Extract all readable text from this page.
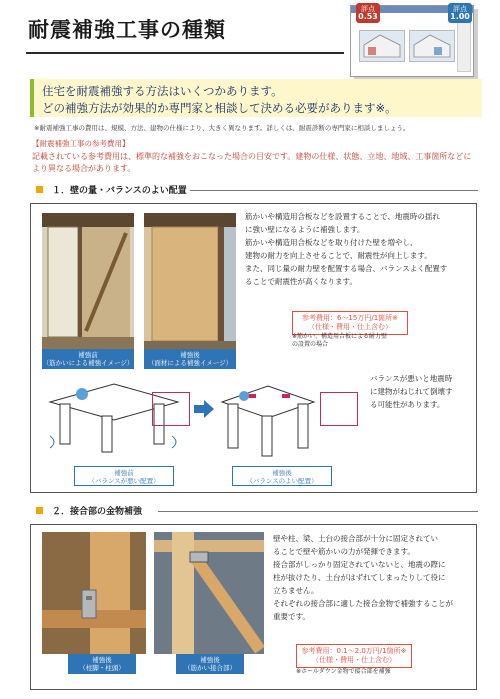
耐震補強工事の種類
評点
0.53
評点
1.00
住宅を耐震補強する方法はいくつかあります。
どの補強方法が効果的か専門家と相談して決める必要があります※。
※耐震補強工事の費用は、規模、方法、建物の仕様により、大きく異なります。詳しくは、耐震診断の専門家に相談しましょう。
【耐震補強工事の参考費用】
記載されている参考費用は、標準的な補強をおこなった場合の目安です。建物の仕様、状態、立地、地域、工事箇所などにより異なる場合があります。
１．壁の量・バランスのよい配置
補強前
（筋かいによる補強イメージ）
補強後
（面材による補強イメージ）
筋かいや構造用合板などを設置することで、地震時の揺れ
に強い壁になるように補強します。
筋かいや構造用合板などを取り付けた壁を増やし、
建物の耐力を向上させることで、耐震性が向上します。
また、同じ量の耐力壁を配置する場合、バランスよく配置す
ることで耐震性が高くなります。
参考費用：6～15万円/1箇所※
（仕様・費用・仕上含む）
※筋かい、構造用合板による耐力壁
の設置の場合
バランスが悪いと地震時
に建物がねじれて倒壊す
る可能性があります。
補強前
（バランスが悪い配置）
補強後
（バランスのよい配置）
２．接合部の金物補強
補強後
（柱脚・柱頭）
補強後
（筋かい接合部）
壁や柱、梁、土台の接合部が十分に固定されてい
ることで壁や筋かいの力が発揮できます。
接合部がしっかり固定されていないと、地震の際に
柱が抜けたり、土台がはずれてしまったりして役に
立ちません。
それぞれの接合部に適した接合金物で補強することが
重要です。
参考費用：0.1～2.0万円/1箇所※
（仕様・費用・仕上含む）
※ホールダウン金物で接合部を補強
